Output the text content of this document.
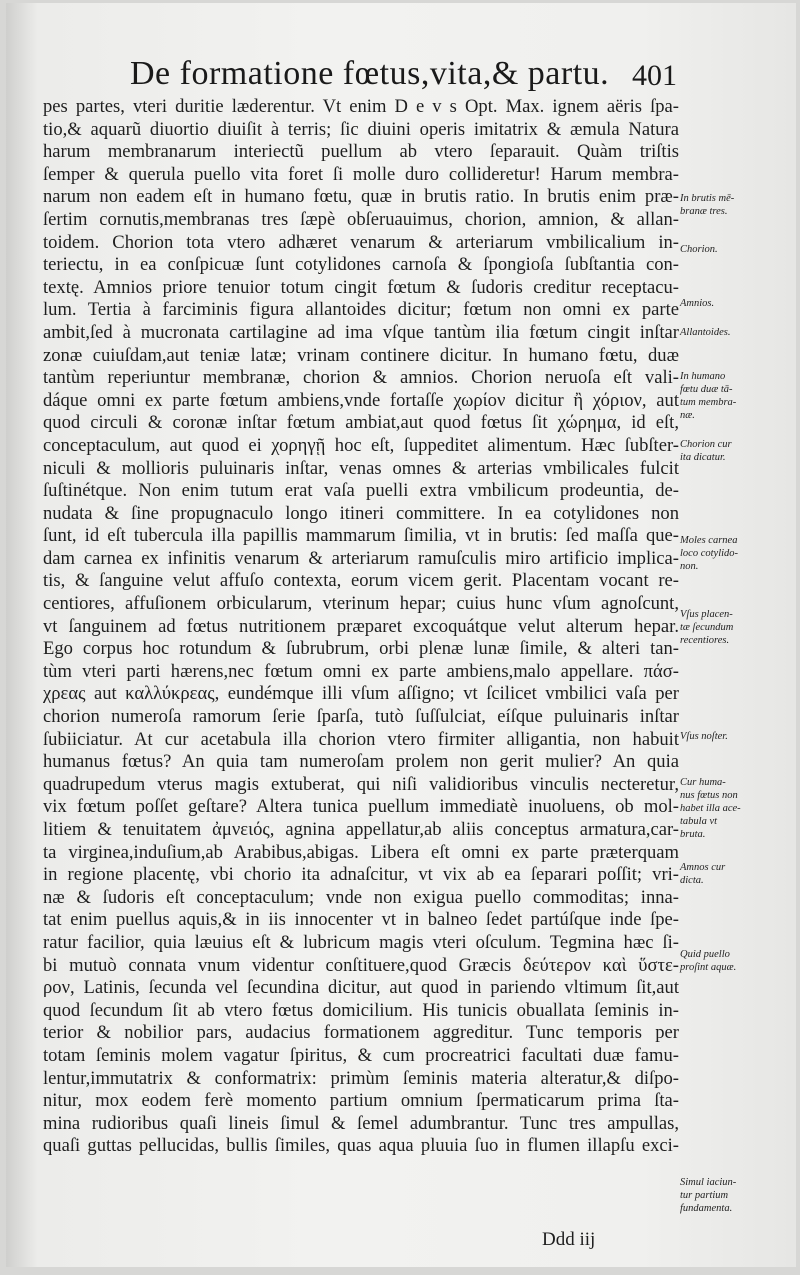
De formatione fœtus,vita,& partu. 401
pes partes, vteri duritie læderentur. Vt enim D e v s Opt. Max. ignem aëris ſpa-
tio,& aquarũ diuortio diuiſit à terris; ſic diuini operis imitatrix & æmula Natura
harum membranarum interiectũ puellum ab vtero ſeparauit. Quàm triſtis
ſemper & querula puello vita foret ſi molle duro collideretur! Harum membra-
narum non eadem eſt in humano fœtu, quæ in brutis ratio. In brutis enim præ-
ſertim cornutis,membranas tres ſæpè obſeruauimus, chorion, amnion, & allan-
toidem. Chorion tota vtero adhæret venarum & arteriarum vmbilicalium in-
teriectu, in ea conſpicuæ ſunt cotylidones carnoſa & ſpongioſa ſubſtantia con-
textę. Amnios priore tenuior totum cingit fœtum & ſudoris creditur receptacu-
lum. Tertia à farciminis figura allantoides dicitur; fœtum non omni ex parte
ambit,ſed à mucronata cartilagine ad ima vſque tantùm ilia fœtum cingit inſtar
zonæ cuiuſdam,aut teniæ latæ; vrinam continere dicitur. In humano fœtu, duæ
tantùm reperiuntur membranæ, chorion & amnios. Chorion neruoſa eſt vali-
dáque omni ex parte fœtum ambiens,vnde fortaſſe χωρίον dicitur ἢ χόριον, aut
quod circuli & coronæ inſtar fœtum ambiat,aut quod fœtus ſit χώρημα, id eſt,
conceptaculum, aut quod ei χορηγῇ hoc eſt, ſuppeditet alimentum. Hæc ſubſter-
niculi & mollioris puluinaris inſtar, venas omnes & arterias vmbilicales fulcit
ſuſtinétque. Non enim tutum erat vaſa puelli extra vmbilicum prodeuntia, de-
nudata & ſine propugnaculo longo itineri committere. In ea cotylidones non
ſunt, id eſt tubercula illa papillis mammarum ſimilia, vt in brutis: ſed maſſa que-
dam carnea ex infinitis venarum & arteriarum ramuſculis miro artificio implica-
tis, & ſanguine velut affuſo contexta, eorum vicem gerit. Placentam vocant re-
centiores, affuſionem orbicularum, vterinum hepar; cuius hunc vſum agnoſcunt,
vt ſanguinem ad fœtus nutritionem præparet excoquátque velut alterum hepar.
Ego corpus hoc rotundum & ſubrubrum, orbi plenæ lunæ ſimile, & alteri tan-
tùm vteri parti hærens,nec fœtum omni ex parte ambiens,malo appellare. πάσ-
χρεας aut καλλύκρεας, eundémque illi vſum aſſigno; vt ſcilicet vmbilici vaſa per
chorion numeroſa ramorum ſerie ſparſa, tutò ſuſſulciat, eíſque puluinaris inſtar
ſubiiciatur. At cur acetabula illa chorion vtero firmiter alligantia, non habuit
humanus fœtus? An quia tam numeroſam prolem non gerit mulier? An quia
quadrupedum vterus magis extuberat, qui niſi validioribus vinculis necteretur,
vix fœtum poſſet geſtare? Altera tunica puellum immediatè inuoluens, ob mol-
litiem & tenuitatem ἀμνειός, agnina appellatur,ab aliis conceptus armatura,car-
ta virginea,induſium,ab Arabibus,abigas. Libera eſt omni ex parte præterquam
in regione placentę, vbi chorio ita adnaſcitur, vt vix ab ea ſeparari poſſit; vri-
næ & ſudoris eſt conceptaculum; vnde non exigua puello commoditas; inna-
tat enim puellus aquis,& in iis innocenter vt in balneo ſedet partúſque inde ſpe-
ratur facilior, quia læuius eſt & lubricum magis vteri oſculum. Tegmina hæc ſi-
bi mutuò connata vnum videntur conſtituere,quod Græcis δεύτερον καὶ ὕστε-
ρον, Latinis, ſecunda vel ſecundina dicitur, aut quod in pariendo vltimum ſit,aut
quod ſecundum ſit ab vtero fœtus domicilium. His tunicis obuallata ſeminis in-
terior & nobilior pars, audacius formationem aggreditur. Tunc temporis per
totam ſeminis molem vagatur ſpiritus, & cum procreatrici facultati duæ famu-
lentur,immutatrix & conformatrix: primùm ſeminis materia alteratur,& diſpo-
nitur, mox eodem ferè momento partium omnium ſpermaticarum prima ſta-
mina rudioribus quaſi lineis ſimul & ſemel adumbrantur. Tunc tres ampullas,
quaſi guttas pellucidas, bullis ſimiles, quas aqua pluuia ſuo in flumen illapſu exci-
In brutis mē-
branæ tres.
Chorion.
Amnios.
Allantoides.
In humano
fœtu duæ tā-
tum membra-
næ.
Chorion cur
ita dicatur.
Moles carnea
loco cotylido-
non.
Vſus placen-
tæ ſecundum
recentiores.
Vſus noſter.
Cur huma-
nus fœtus non
habet illa ace-
tabula vt
bruta.
Amnos cur
dicta.
Quid puello
proſint aquæ.
Simul iaciun-
tur partium
fundamenta.
Ddd iij
